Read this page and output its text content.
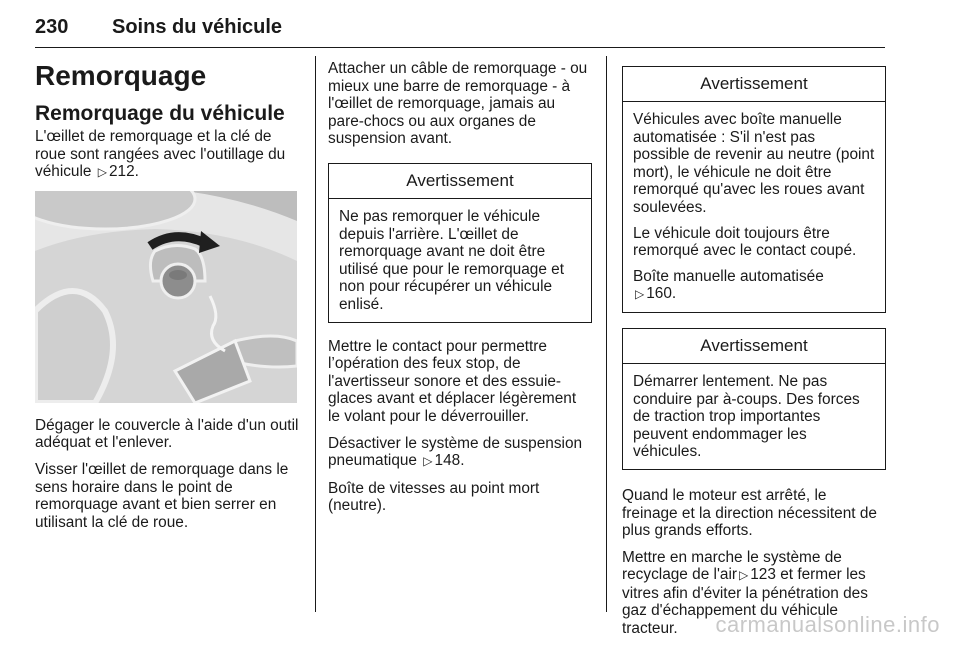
230 Soins du véhicule
Remorquage
Remorquage du véhicule

L'œillet de remorquage et la clé de roue sont rangées avec l'outillage du véhicule ▷ 212.

Dégager le couvercle à l'aide d'un outil adéquat et l'enlever.

Visser l'œillet de remorquage dans le sens horaire dans le point de remorquage avant et bien serrer en utilisant la clé de roue.

Attacher un câble de remorquage - ou mieux une barre de remorquage - à l'œillet de remorquage, jamais au pare-chocs ou aux organes de suspension avant.

Avertissement

Ne pas remorquer le véhicule depuis l'arrière. L'œillet de remorquage avant ne doit être utilisé que pour le remorquage et non pour récupérer un véhicule enlisé.

Mettre le contact pour permettre l’opération des feux stop, de l'avertisseur sonore et des essuie-glaces avant et déplacer légèrement le volant pour le déverrouiller.

Désactiver le système de suspension pneumatique ▷ 148.

Boîte de vitesses au point mort (neutre).

Avertissement

Véhicules avec boîte manuelle automatisée : S'il n'est pas possible de revenir au neutre (point mort), le véhicule ne doit être remorqué qu'avec les roues avant soulevées.

Le véhicule doit toujours être remorqué avec le contact coupé.

Boîte manuelle automatisée
▷ 160.

Avertissement

Démarrer lentement. Ne pas conduire par à-coups. Des forces de traction trop importantes peuvent endommager les véhicules.

Quand le moteur est arrêté, le freinage et la direction nécessitent de plus grands efforts.

Mettre en marche le système de recyclage de l'air ▷ 123 et fermer les vitres afin d'éviter la pénétration des gaz d'échappement du véhicule tracteur.	carmanualsonline.info
